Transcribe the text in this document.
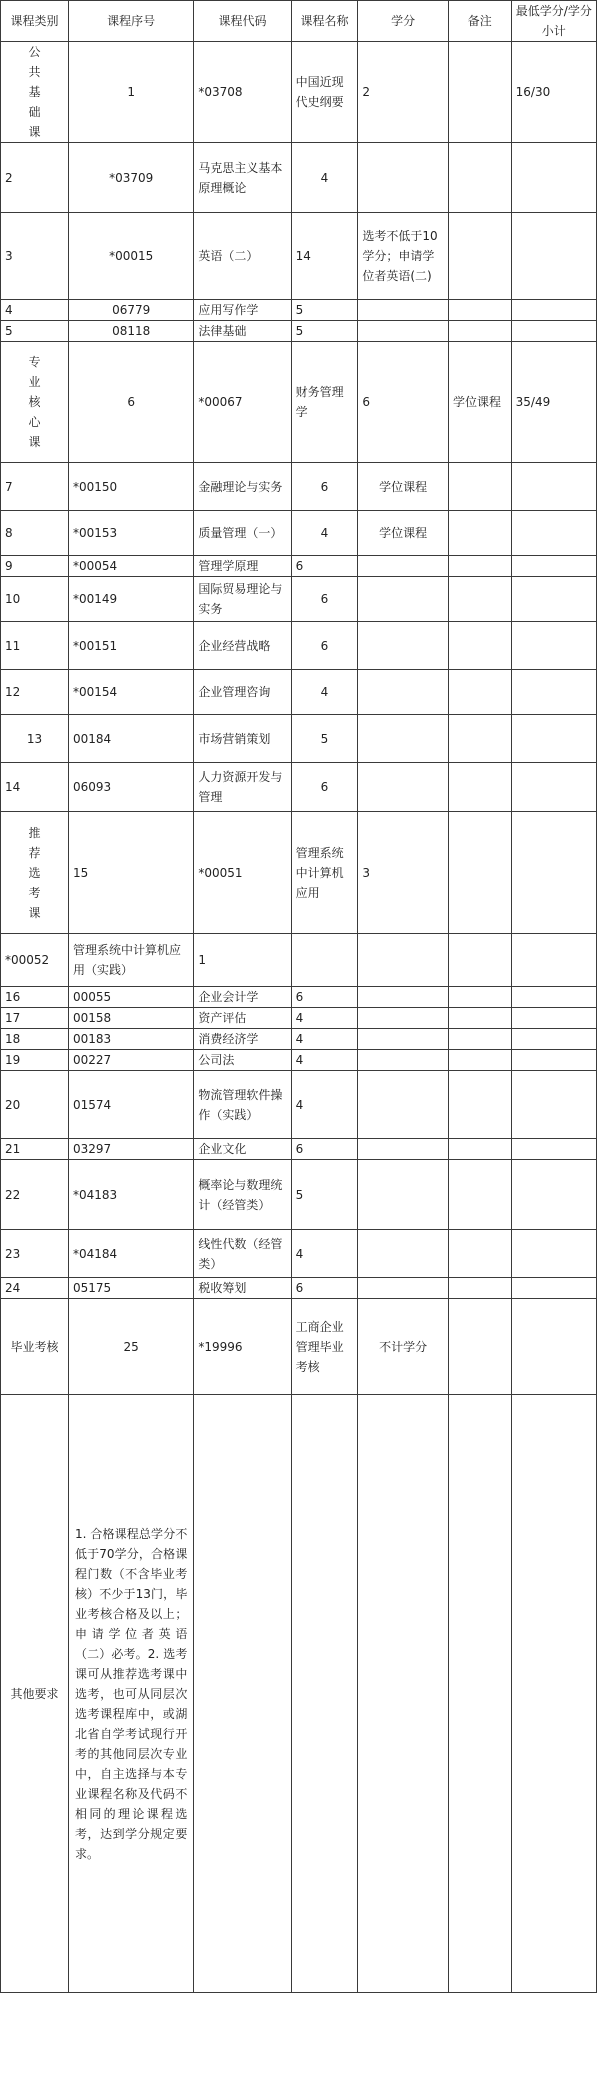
课程类别	课程序号	课程代码	课程名称	学分	备注	最低学分/学分小计
公共基础课	1	*03708	中国近现代史纲要	2		16/30
2	*03709	马克思主义基本原理概论	4			
3	*00015	英语（二）	14	选考不低于10学分；申请学位者英语(二)		
4	06779	应用写作学	5			
5	08118	法律基础	5			
专业核心课	6	*00067	财务管理学	6	学位课程	35/49
7	*00150	金融理论与实务	6	学位课程		
8	*00153	质量管理（一）	4	学位课程		
9	*00054	管理学原理	6			
10	*00149	国际贸易理论与实务	6			
11	*00151	企业经营战略	6			
12	*00154	企业管理咨询	4			
13	00184	市场营销策划	5			
14	06093	人力资源开发与管理	6			
推荐选考课	15	*00051	管理系统中计算机应用	3		
*00052	管理系统中计算机应用（实践）	1				
16	00055	企业会计学	6			
17	00158	资产评估	4			
18	00183	消费经济学	4			
19	00227	公司法	4			
20	01574	物流管理软件操作（实践）	4			
21	03297	企业文化	6			
22	*04183	概率论与数理统计（经管类）	5			
23	*04184	线性代数（经管类）	4			
24	05175	税收筹划	6			
毕业考核	25	*19996	工商企业管理毕业考核	不计学分		
其他要求	1. 合格课程总学分不低于70学分，合格课程门数（不含毕业考核）不少于13门，毕业考核合格及以上；申请学位者英语（二）必考。2. 选考课可从推荐选考课中选考，也可从同层次选考课程库中，或湖北省自学考试现行开考的其他同层次专业中，自主选择与本专业课程名称及代码不相同的理论课程选考，达到学分规定要求。					
